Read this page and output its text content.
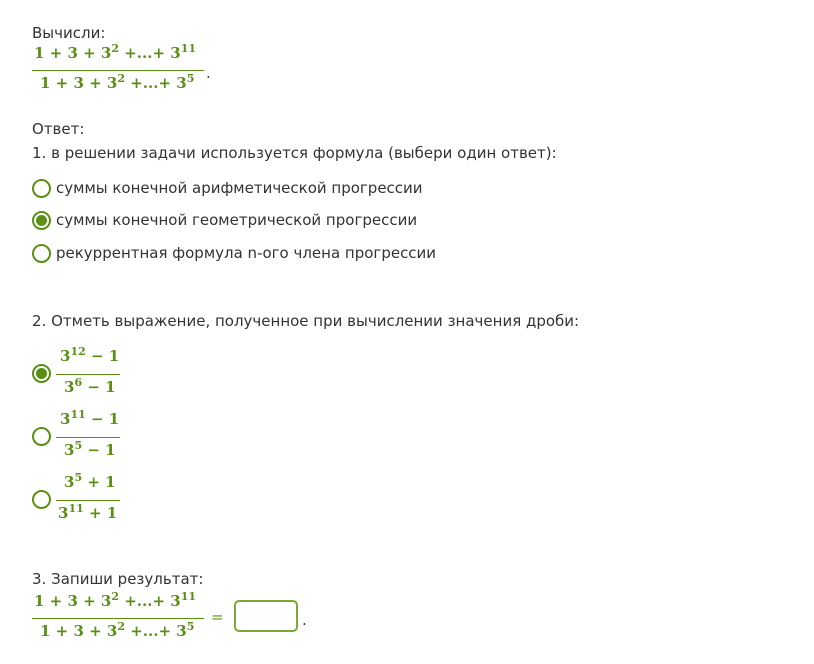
Вычисли:
$1 + 3 + 3^2$ +...+ $3^{11}$
$1 + 3 + 3^2$ +...+ $3^5$ .
Ответ:
1. в решении задачи используется формула (выбери один ответ):
суммы конечной арифметической прогрессии
суммы конечной геометрической прогрессии
рекуррентная формула n-ого члена прогрессии
2. Отметь выражение, полученное при вычислении значения дроби:
$3^{12} - 1$
$3^6 - 1$
$3^{11} - 1$
$3^5 - 1$
$3^5 + 1$
$3^{11} + 1$
3. Запиши результат:
$1 + 3 + 3^2$ +...+ $3^{11}$
$1 + 3 + 3^2$ +...+ $3^5$
=	.
